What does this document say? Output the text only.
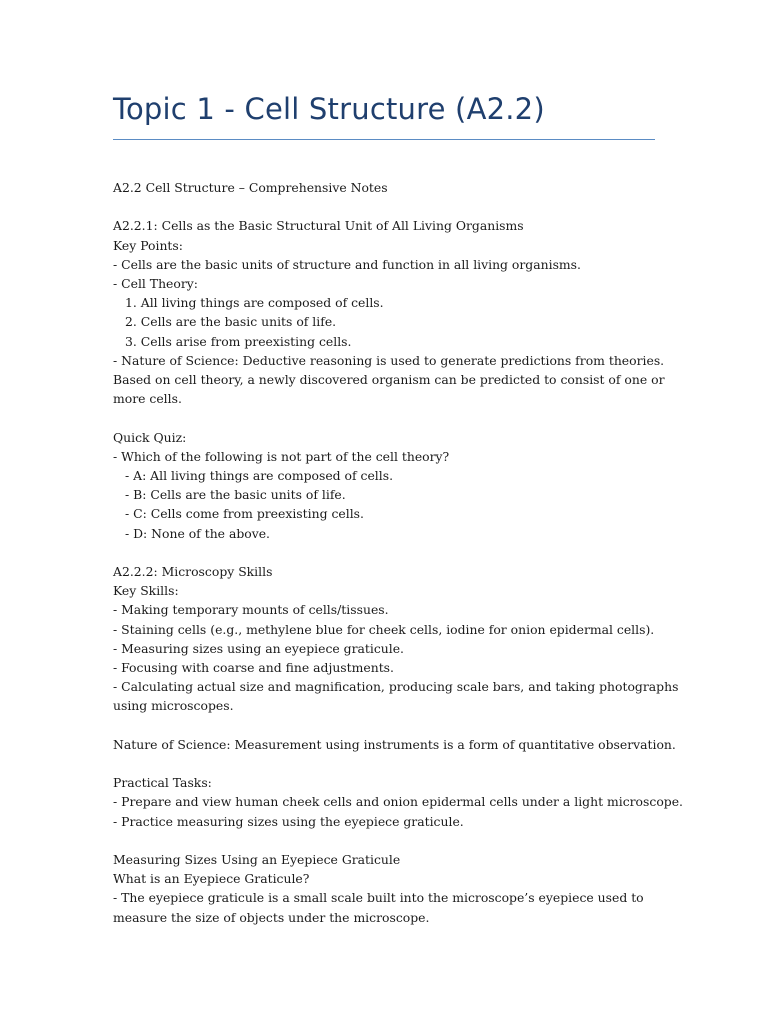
Topic 1 - Cell Structure (A2.2)
A2.2 Cell Structure – Comprehensive Notes
A2.2.1: Cells as the Basic Structural Unit of All Living Organisms
Key Points:
- Cells are the basic units of structure and function in all living organisms.
- Cell Theory:
1. All living things are composed of cells.
2. Cells are the basic units of life.
3. Cells arise from preexisting cells.
- Nature of Science: Deductive reasoning is used to generate predictions from theories.
Based on cell theory, a newly discovered organism can be predicted to consist of one or
more cells.
Quick Quiz:
- Which of the following is not part of the cell theory?
- A: All living things are composed of cells.
- B: Cells are the basic units of life.
- C: Cells come from preexisting cells.
- D: None of the above.
A2.2.2: Microscopy Skills
Key Skills:
- Making temporary mounts of cells/tissues.
- Staining cells (e.g., methylene blue for cheek cells, iodine for onion epidermal cells).
- Measuring sizes using an eyepiece graticule.
- Focusing with coarse and fine adjustments.
- Calculating actual size and magnification, producing scale bars, and taking photographs
using microscopes.
Nature of Science: Measurement using instruments is a form of quantitative observation.
Practical Tasks:
- Prepare and view human cheek cells and onion epidermal cells under a light microscope.
- Practice measuring sizes using the eyepiece graticule.
Measuring Sizes Using an Eyepiece Graticule
What is an Eyepiece Graticule?
- The eyepiece graticule is a small scale built into the microscope’s eyepiece used to
measure the size of objects under the microscope.
